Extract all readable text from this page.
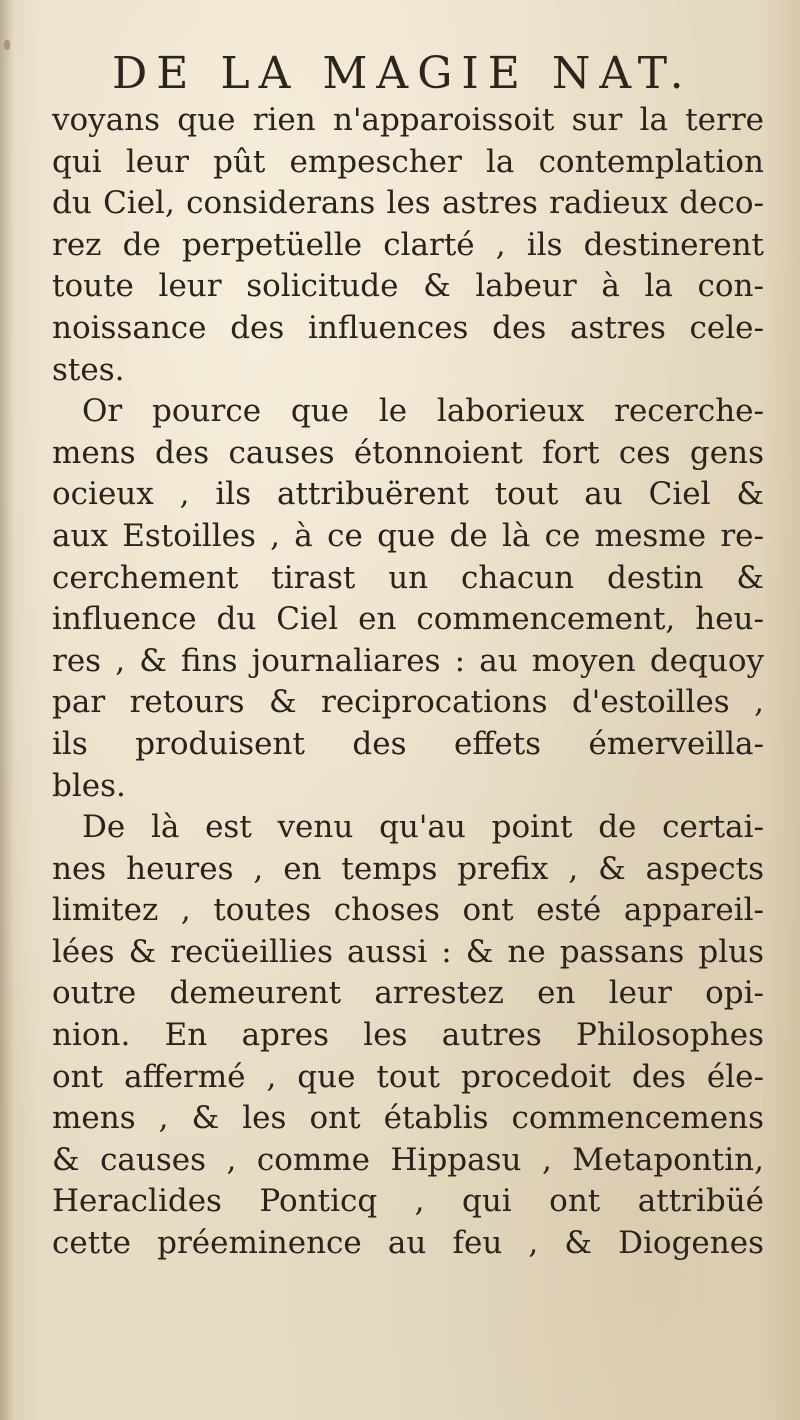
DE LA MAGIE NAT.
voyans que rien n'apparoissoit sur la terre
qui leur pût empescher la contemplation
du Ciel, considerans les astres radieux deco-
rez de perpetüelle clarté , ils destinerent
toute leur solicitude & labeur à la con-
noissance des influences des astres cele-
stes.
Or pource que le laborieux recerche-
mens des causes étonnoient fort ces gens
ocieux , ils attribuërent tout au Ciel &
aux Estoilles , à ce que de là ce mesme re-
cerchement tirast un chacun destin &
influence du Ciel en commencement, heu-
res , & fins journaliares : au moyen dequoy
par retours & reciprocations d'estoilles ,
ils produisent des effets émerveilla-
bles.
De là est venu qu'au point de certai-
nes heures , en temps prefix , & aspects
limitez , toutes choses ont esté appareil-
lées & recüeillies aussi : & ne passans plus
outre demeurent arrestez en leur opi-
nion. En apres les autres Philosophes
ont affermé , que tout procedoit des éle-
mens , & les ont établis commencemens
& causes , comme Hippasu , Metapontin,
Heraclides Ponticq , qui ont attribüé
cette préeminence au feu , & Diogenes
